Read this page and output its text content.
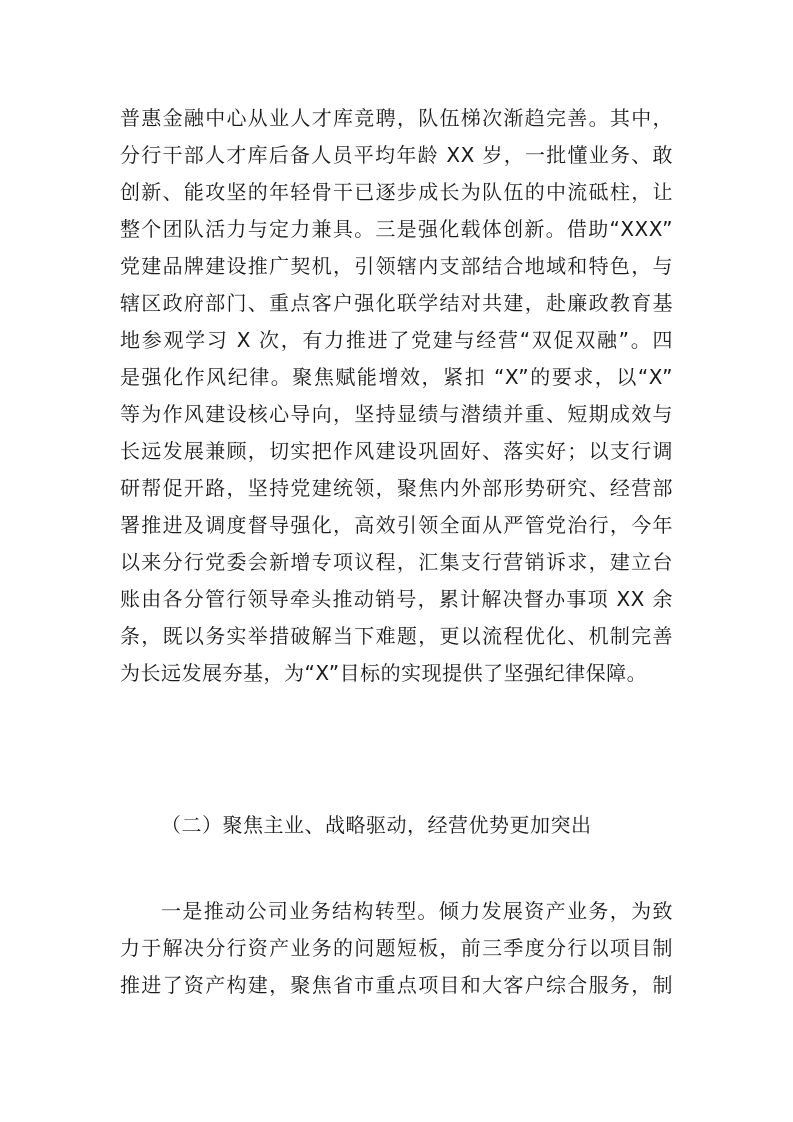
普惠金融中心从业人才库竞聘，队伍梯次渐趋完善。其中，
分行干部人才库后备人员平均年龄 XX 岁，一批懂业务、敢
创新、能攻坚的年轻骨干已逐步成长为队伍的中流砥柱，让
整个团队活力与定力兼具。三是强化载体创新。借助“XXX”
党建品牌建设推广契机，引领辖内支部结合地域和特色，与
辖区政府部门、重点客户强化联学结对共建，赴廉政教育基
地参观学习 X 次，有力推进了党建与经营“双促双融”。四
是强化作风纪律。聚焦赋能增效，紧扣 “X”的要求，以“X”
等为作风建设核心导向，坚持显绩与潜绩并重、短期成效与
长远发展兼顾，切实把作风建设巩固好、落实好；以支行调
研帮促开路，坚持党建统领，聚焦内外部形势研究、经营部
署推进及调度督导强化，高效引领全面从严管党治行，今年
以来分行党委会新增专项议程，汇集支行营销诉求，建立台
账由各分管行领导牵头推动销号，累计解决督办事项 XX 余
条，既以务实举措破解当下难题，更以流程优化、机制完善
为长远发展夯基，为“X”目标的实现提供了坚强纪律保障。
（二）聚焦主业、战略驱动，经营优势更加突出
一是推动公司业务结构转型。倾力发展资产业务，为致
力于解决分行资产业务的问题短板，前三季度分行以项目制
推进了资产构建，聚焦省市重点项目和大客户综合服务，制
